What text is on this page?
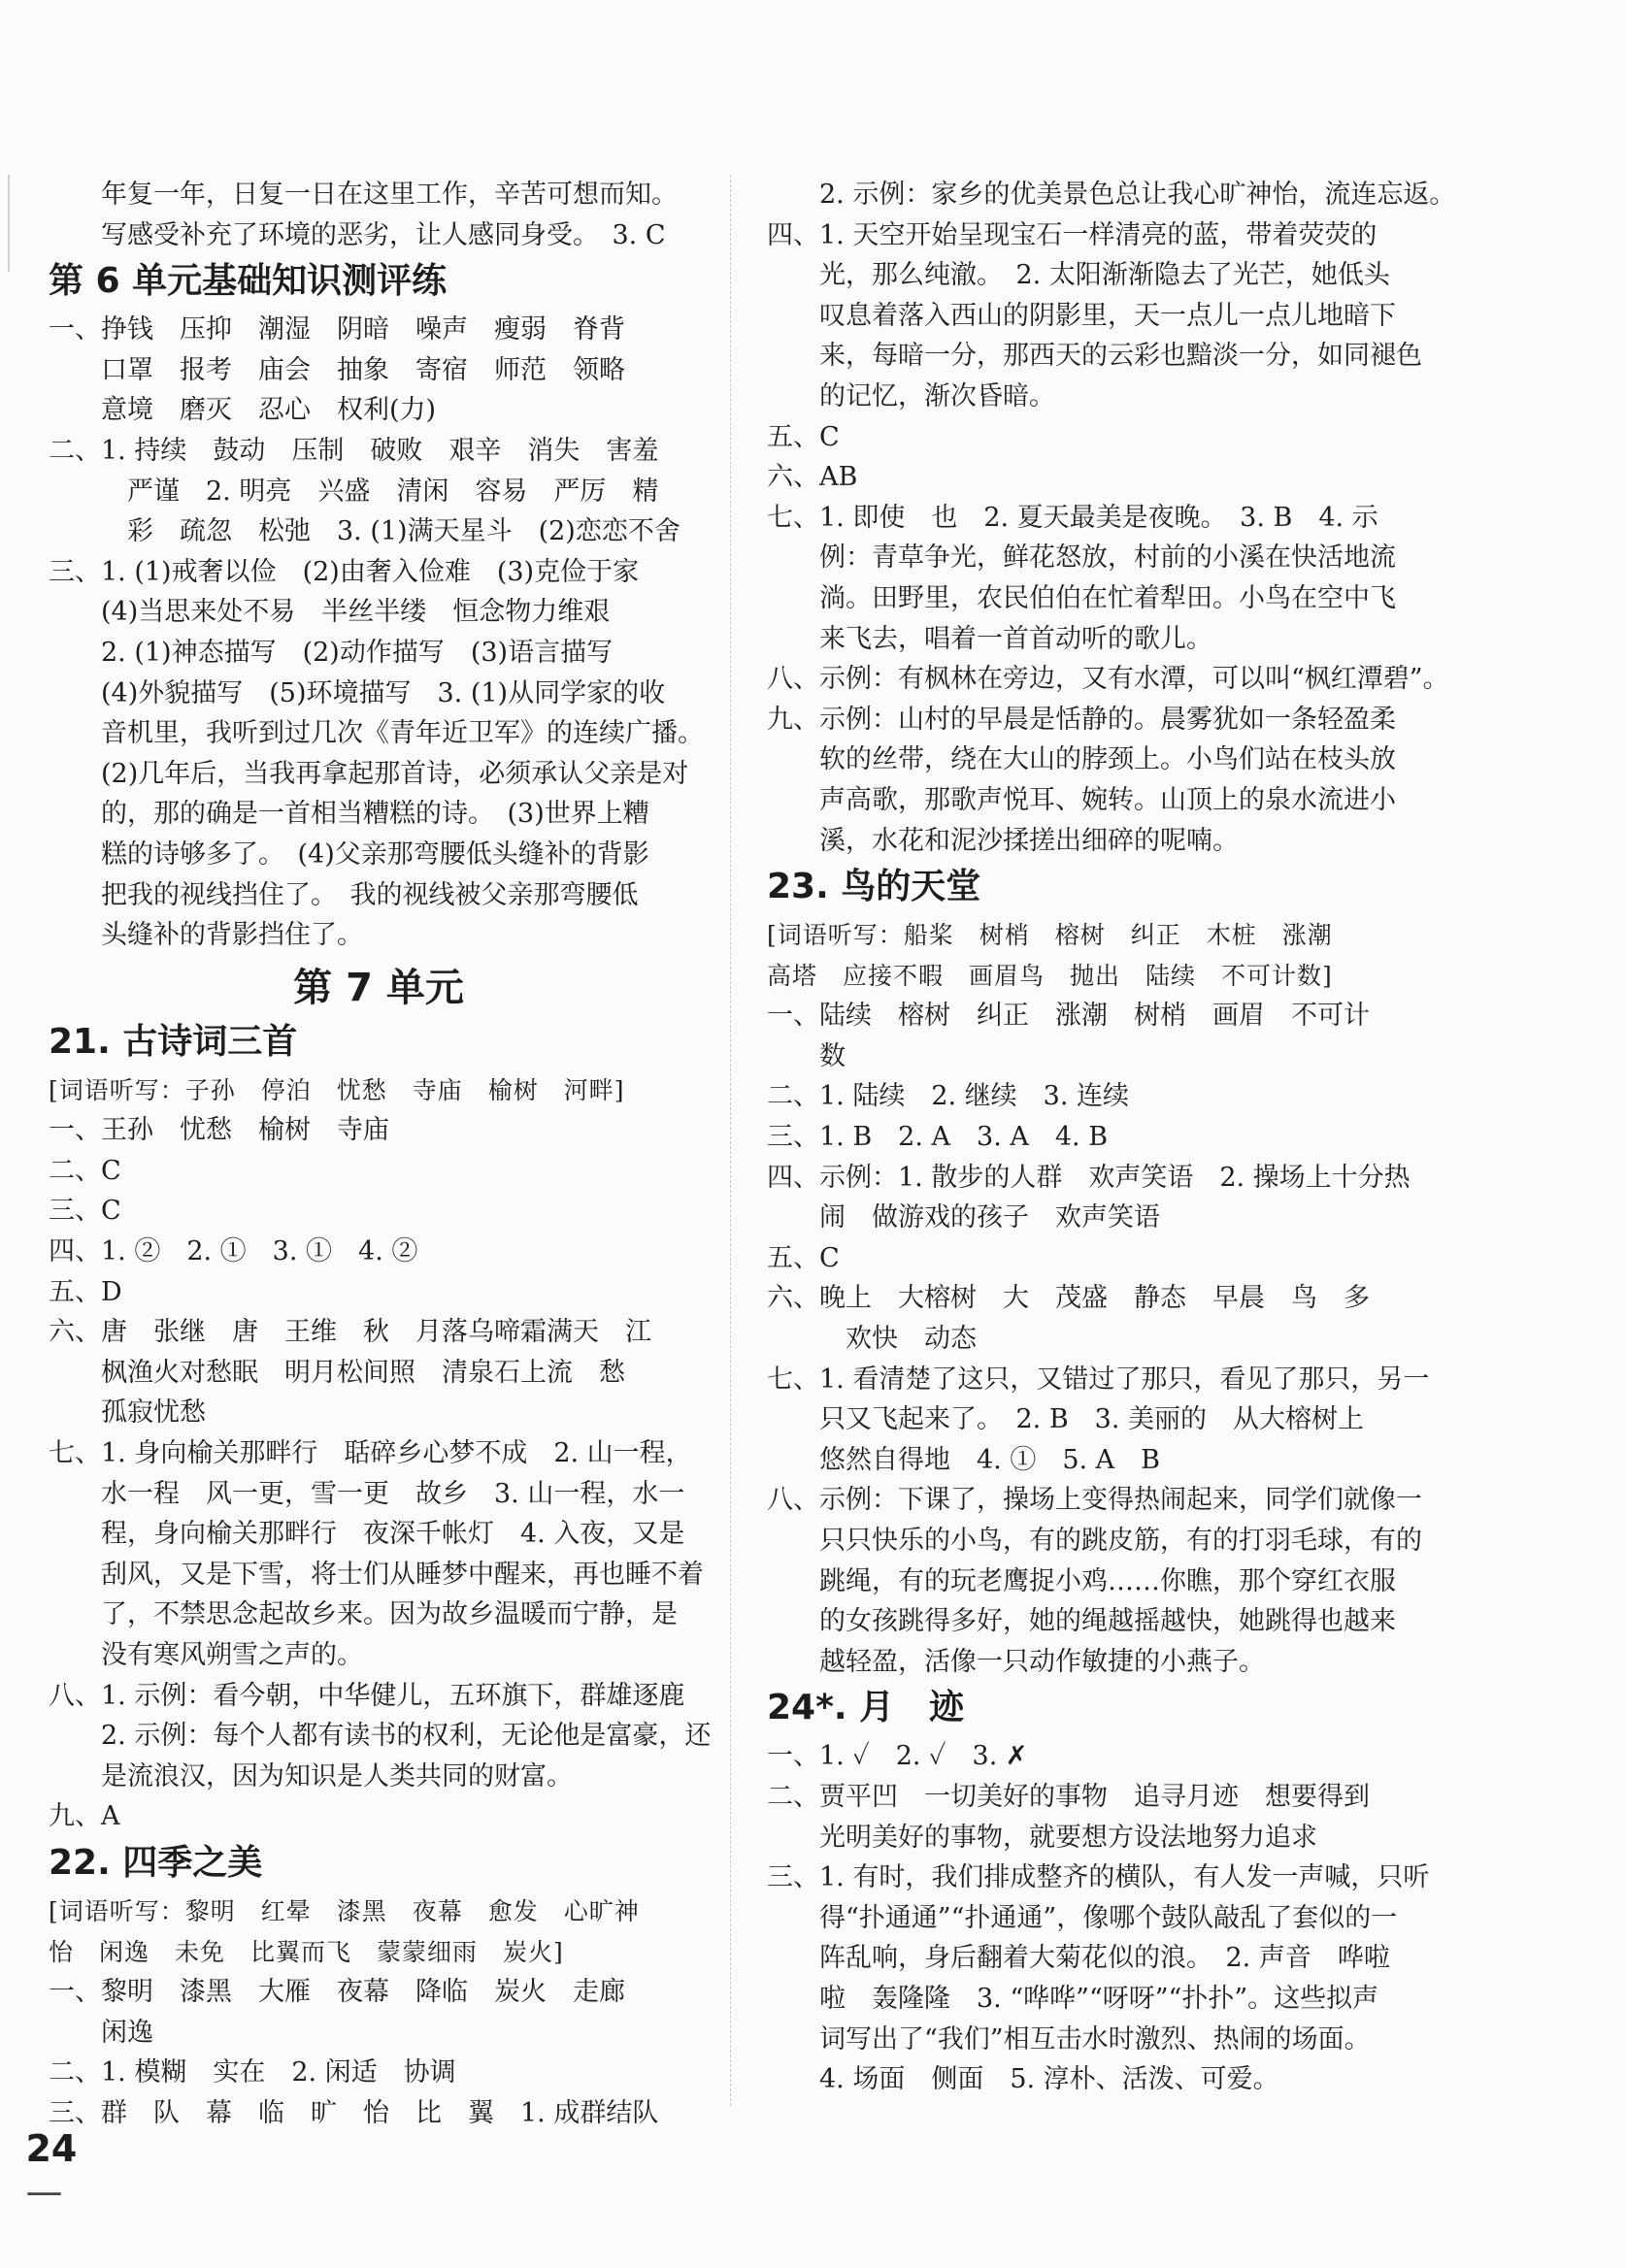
　　年复一年，日复一日在这里工作，辛苦可想而知。
　　写感受补充了环境的恶劣，让人感同身受。　3. C
第 6 单元基础知识测评练
一、挣钱　压抑　潮湿　阴暗　噪声　瘦弱　脊背
　　口罩　报考　庙会　抽象　寄宿　师范　领略
　　意境　磨灭　忍心　权利(力)
二、1. 持续　鼓动　压制　破败　艰辛　消失　害羞
　　　严谨　2. 明亮　兴盛　清闲　容易　严厉　精
　　　彩　疏忽　松弛　3. (1)满天星斗　(2)恋恋不舍
三、1. (1)戒奢以俭　(2)由奢入俭难　(3)克俭于家
　　(4)当思来处不易　半丝半缕　恒念物力维艰
　　2. (1)神态描写　(2)动作描写　(3)语言描写
　　(4)外貌描写　(5)环境描写　3. (1)从同学家的收
　　音机里，我听到过几次《青年近卫军》的连续广播。
　　(2)几年后，当我再拿起那首诗，必须承认父亲是对
　　的，那的确是一首相当糟糕的诗。　(3)世界上糟
　　糕的诗够多了。　(4)父亲那弯腰低头缝补的背影
　　把我的视线挡住了。　我的视线被父亲那弯腰低
　　头缝补的背影挡住了。
第 7 单元
21. 古诗词三首
[词语听写：子孙　停泊　忧愁　寺庙　榆树　河畔]
一、王孙　忧愁　榆树　寺庙
二、C
三、C
四、1. ②　2. ①　3. ①　4. ②
五、D
六、唐　张继　唐　王维　秋　月落乌啼霜满天　江
　　枫渔火对愁眠　明月松间照　清泉石上流　愁
　　孤寂忧愁
七、1. 身向榆关那畔行　聒碎乡心梦不成　2. 山一程，
　　水一程　风一更，雪一更　故乡　3. 山一程，水一
　　程，身向榆关那畔行　夜深千帐灯　4. 入夜，又是
　　刮风，又是下雪，将士们从睡梦中醒来，再也睡不着
　　了，不禁思念起故乡来。因为故乡温暖而宁静，是
　　没有寒风朔雪之声的。
八、1. 示例：看今朝，中华健儿，五环旗下，群雄逐鹿
　　2. 示例：每个人都有读书的权利，无论他是富豪，还
　　是流浪汉，因为知识是人类共同的财富。
九、A
22. 四季之美
[词语听写：黎明　红晕　漆黑　夜幕　愈发　心旷神
怡　闲逸　未免　比翼而飞　蒙蒙细雨　炭火]
一、黎明　漆黑　大雁　夜幕　降临　炭火　走廊
　　闲逸
二、1. 模糊　实在　2. 闲适　协调
三、群　队　幕　临　旷　怡　比　翼　1. 成群结队
　　2. 示例：家乡的优美景色总让我心旷神怡，流连忘返。
四、1. 天空开始呈现宝石一样清亮的蓝，带着荧荧的
　　光，那么纯澈。　2. 太阳渐渐隐去了光芒，她低头
　　叹息着落入西山的阴影里，天一点儿一点儿地暗下
　　来，每暗一分，那西天的云彩也黯淡一分，如同褪色
　　的记忆，渐次昏暗。
五、C
六、AB
七、1. 即使　也　2. 夏天最美是夜晚。　3. B　4. 示
　　例：青草争光，鲜花怒放，村前的小溪在快活地流
　　淌。田野里，农民伯伯在忙着犁田。小鸟在空中飞
　　来飞去，唱着一首首动听的歌儿。
八、示例：有枫林在旁边，又有水潭，可以叫“枫红潭碧”。
九、示例：山村的早晨是恬静的。晨雾犹如一条轻盈柔
　　软的丝带，绕在大山的脖颈上。小鸟们站在枝头放
　　声高歌，那歌声悦耳、婉转。山顶上的泉水流进小
　　溪，水花和泥沙揉搓出细碎的呢喃。
23. 鸟的天堂
[词语听写：船桨　树梢　榕树　纠正　木桩　涨潮
高塔　应接不暇　画眉鸟　抛出　陆续　不可计数]
一、陆续　榕树　纠正　涨潮　树梢　画眉　不可计
　　数
二、1. 陆续　2. 继续　3. 连续
三、1. B　2. A　3. A　4. B
四、示例：1. 散步的人群　欢声笑语　2. 操场上十分热
　　闹　做游戏的孩子　欢声笑语
五、C
六、晚上　大榕树　大　茂盛　静态　早晨　鸟　多
　　　欢快　动态
七、1. 看清楚了这只，又错过了那只，看见了那只，另一
　　只又飞起来了。　2. B　3. 美丽的　从大榕树上
　　悠然自得地　4. ①　5. A　B
八、示例：下课了，操场上变得热闹起来，同学们就像一
　　只只快乐的小鸟，有的跳皮筋，有的打羽毛球，有的
　　跳绳，有的玩老鹰捉小鸡……你瞧，那个穿红衣服
　　的女孩跳得多好，她的绳越摇越快，她跳得也越来
　　越轻盈，活像一只动作敏捷的小燕子。
24*. 月　迹
一、1. ✓　2. ✓　3. ✗
二、贾平凹　一切美好的事物　追寻月迹　想要得到
　　光明美好的事物，就要想方设法地努力追求
三、1. 有时，我们排成整齐的横队，有人发一声喊，只听
　　得“扑通通”“扑通通”，像哪个鼓队敲乱了套似的一
　　阵乱响，身后翻着大菊花似的浪。　2. 声音　哗啦
　　啦　轰隆隆　3. “哗哗”“呀呀”“扑扑”。这些拟声
　　词写出了“我们”相互击水时激烈、热闹的场面。
　　4. 场面　侧面　5. 淳朴、活泼、可爱。

24
—
